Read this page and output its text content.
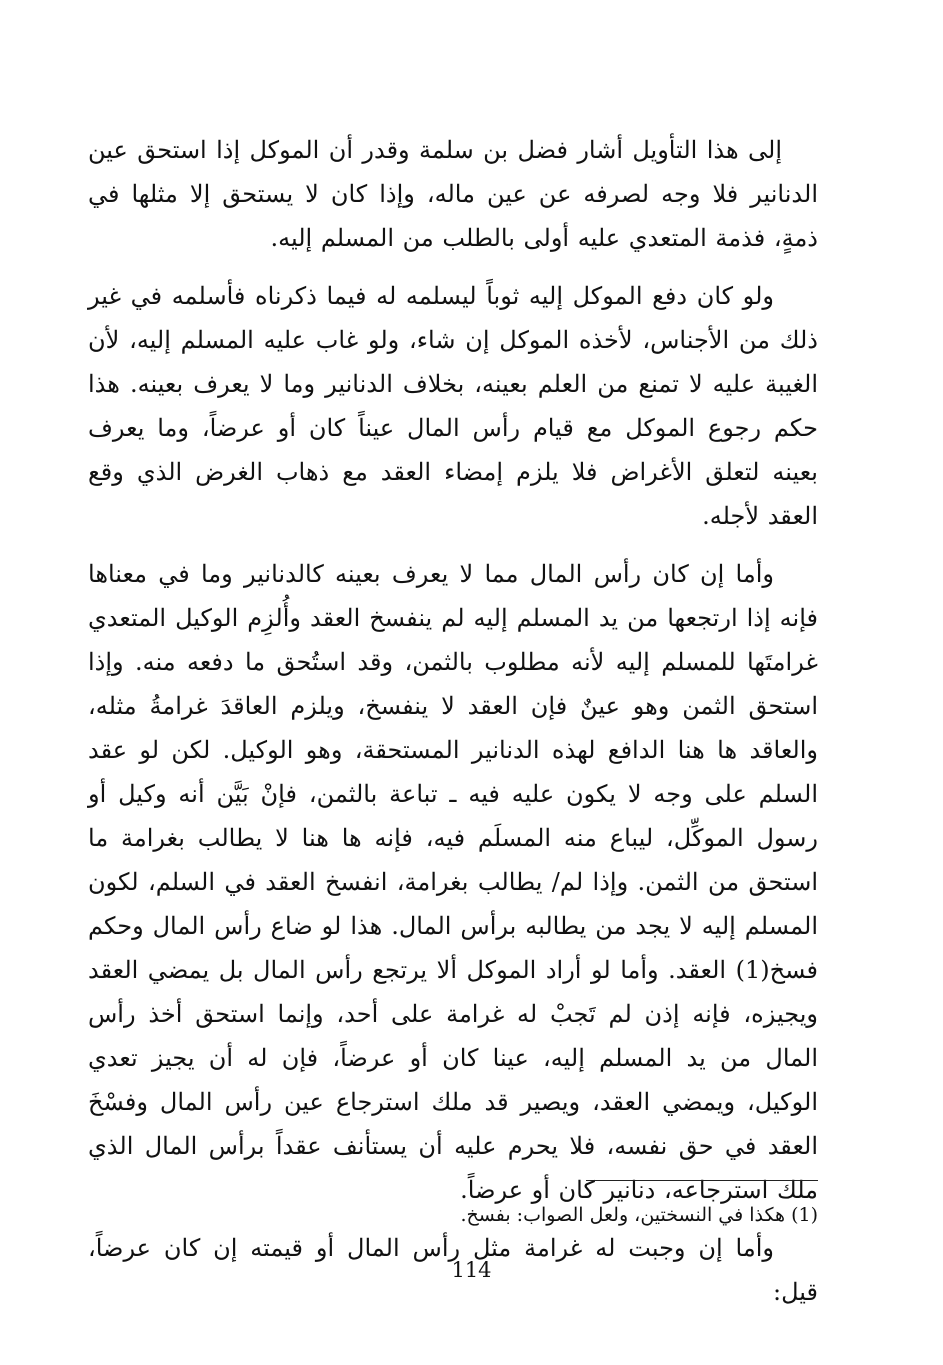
إلى هذا التأويل أشار فضل بن سلمة وقدر أن الموكل إذا استحق عين الدنانير فلا وجه لصرفه عن عين ماله، وإذا كان لا يستحق إلا مثلها في ذمةٍ، فذمة المتعدي عليه أولى بالطلب من المسلم إليه.

ولو كان دفع الموكل إليه ثوباً ليسلمه له فيما ذكرناه فأسلمه في غير ذلك من الأجناس، لأخذه الموكل إن شاء، ولو غاب عليه المسلم إليه، لأن الغيبة عليه لا تمنع من العلم بعينه، بخلاف الدنانير وما لا يعرف بعينه. هذا حكم رجوع الموكل مع قيام رأس المال عيناً كان أو عرضاً، وما يعرف بعينه لتعلق الأغراض فلا يلزم إمضاء العقد مع ذهاب الغرض الذي وقع العقد لأجله.

وأما إن كان رأس المال مما لا يعرف بعينه كالدنانير وما في معناها فإنه إذا ارتجعها من يد المسلم إليه لم ينفسخ العقد وأُلزِم الوكيل المتعدي غرامتَها للمسلم إليه لأنه مطلوب بالثمن، وقد استُحق ما دفعه منه. وإذا استحق الثمن وهو عينٌ فإن العقد لا ينفسخ، ويلزم العاقدَ غرامةُ مثله، والعاقد ها هنا الدافع لهذه الدنانير المستحقة، وهو الوكيل. لكن لو عقد السلم على وجه لا يكون عليه فيه ـ تباعة بالثمن، فإنْ بَيَّن أنه وكيل أو رسول الموكِّل، ليباع منه المسلَم فيه، فإنه ها هنا لا يطالب بغرامة ما استحق من الثمن. وإذا لم/ يطالب بغرامة، انفسخ العقد في السلم، لكون المسلم إليه لا يجد من يطالبه برأس المال. هذا لو ضاع رأس المال وحكم فسخ(1) العقد. وأما لو أراد الموكل ألا يرتجع رأس المال بل يمضي العقد ويجيزه، فإنه إذن لم تَجبْ له غرامة على أحد، وإنما استحق أخذ رأس المال من يد المسلم إليه، عينا كان أو عرضاً، فإن له أن يجيز تعدي الوكيل، ويمضي العقد، ويصير قد ملك استرجاع عين رأس المال وفسْخَ العقد في حق نفسه، فلا يحرم عليه أن يستأنف عقداً برأس المال الذي ملك استرجاعه، دنانير كان أو عرضاً.

وأما إن وجبت له غرامة مثل رأس المال أو قيمته إن كان عرضاً، قيل:

(1) هكذا في النسختين، ولعل الصواب: بفسخ.
114
